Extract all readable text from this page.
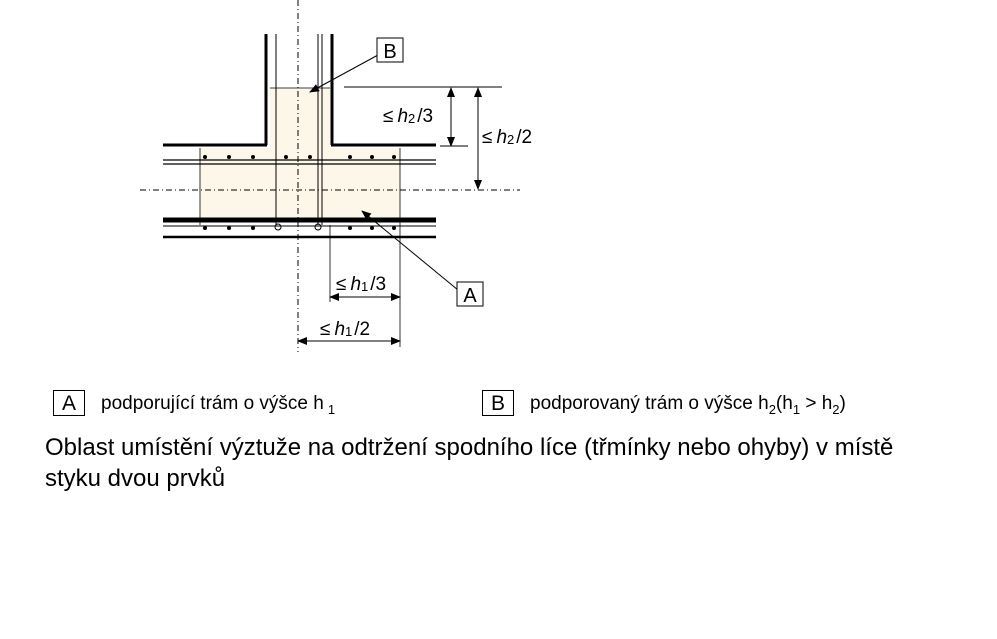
B
A
≤ h2 /3
≤ h2 /2
≤ h1 /3
≤ h1 /2
A	podporující trám o výšce h $_1$	B	podporovaný trám o výšce $h_2(h_1 > h_2)$
Oblast umístění výztuže na odtržení spodního líce (třmínky nebo ohyby) v místě styku dvou prvků
